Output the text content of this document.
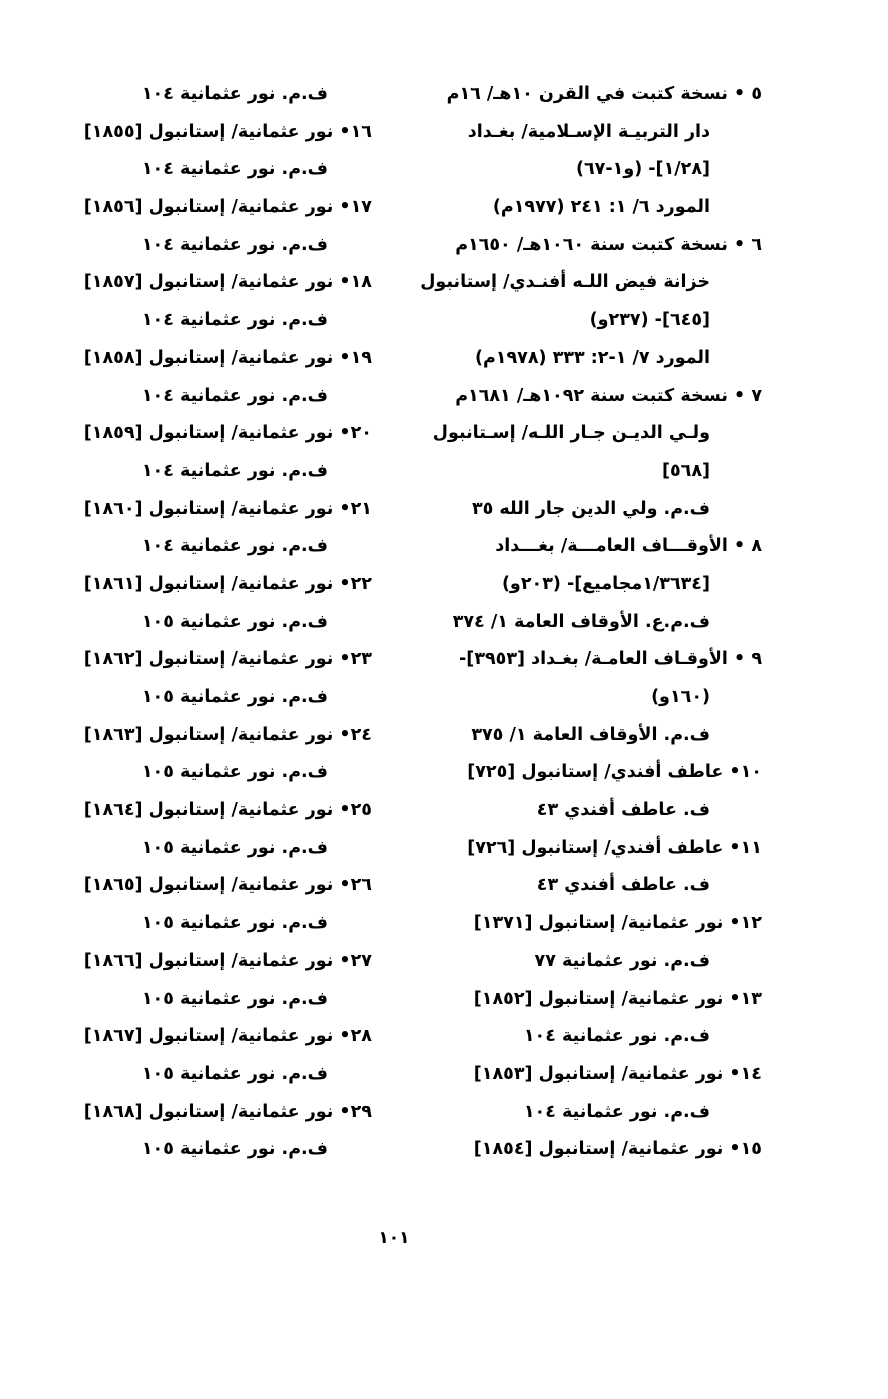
٥ • نسخة كتبت في القرن ١٠هـ/ ١٦م
دار التربيـة الإسـلامية/ بغـداد
[١/٢٨]- (و١-٦٧)
المورد ٦/ ١: ٢٤١ (١٩٧٧م)
٦ • نسخة كتبت سنة ١٠٦٠هـ/ ١٦٥٠م
خزانة فيض اللـه أفنـدي/ إستانبول
[٦٤٥]- (٢٣٧و)
المورد ٧/ ١-٢: ٣٣٣ (١٩٧٨م)
٧ • نسخة كتبت سنة ١٠٩٢هـ/ ١٦٨١م
ولـي الديـن جـار اللـه/ إسـتانبول
[٥٦٨]
ف.م. ولي الدين جار الله ٣٥
٨ • الأوقـــاف العامـــة/ بغـــداد
[١/٣٦٣٤مجاميع]- (٢٠٣و)
ف.م.ع. الأوقاف العامة ١/ ٣٧٤
٩ • الأوقـاف العامـة/ بغـداد [٣٩٥٣]-
(١٦٠و)
ف.م. الأوقاف العامة ١/ ٣٧٥
١٠• عاطف أفندي/ إستانبول [٧٢٥]
ف. عاطف أفندي ٤٣
١١• عاطف أفندي/ إستانبول [٧٢٦]
ف. عاطف أفندي ٤٣
١٢• نور عثمانية/ إستانبول [١٣٧١]
ف.م. نور عثمانية ٧٧
١٣• نور عثمانية/ إستانبول [١٨٥٢]
ف.م. نور عثمانية ١٠٤
١٤• نور عثمانية/ إستانبول [١٨٥٣]
ف.م. نور عثمانية ١٠٤
١٥• نور عثمانية/ إستانبول [١٨٥٤]
ف.م. نور عثمانية ١٠٤
١٦• نور عثمانية/ إستانبول [١٨٥٥]
ف.م. نور عثمانية ١٠٤
١٧• نور عثمانية/ إستانبول [١٨٥٦]
ف.م. نور عثمانية ١٠٤
١٨• نور عثمانية/ إستانبول [١٨٥٧]
ف.م. نور عثمانية ١٠٤
١٩• نور عثمانية/ إستانبول [١٨٥٨]
ف.م. نور عثمانية ١٠٤
٢٠• نور عثمانية/ إستانبول [١٨٥٩]
ف.م. نور عثمانية ١٠٤
٢١• نور عثمانية/ إستانبول [١٨٦٠]
ف.م. نور عثمانية ١٠٤
٢٢• نور عثمانية/ إستانبول [١٨٦١]
ف.م. نور عثمانية ١٠٥
٢٣• نور عثمانية/ إستانبول [١٨٦٢]
ف.م. نور عثمانية ١٠٥
٢٤• نور عثمانية/ إستانبول [١٨٦٣]
ف.م. نور عثمانية ١٠٥
٢٥• نور عثمانية/ إستانبول [١٨٦٤]
ف.م. نور عثمانية ١٠٥
٢٦• نور عثمانية/ إستانبول [١٨٦٥]
ف.م. نور عثمانية ١٠٥
٢٧• نور عثمانية/ إستانبول [١٨٦٦]
ف.م. نور عثمانية ١٠٥
٢٨• نور عثمانية/ إستانبول [١٨٦٧]
ف.م. نور عثمانية ١٠٥
٢٩• نور عثمانية/ إستانبول [١٨٦٨]
ف.م. نور عثمانية ١٠٥
١٠١
